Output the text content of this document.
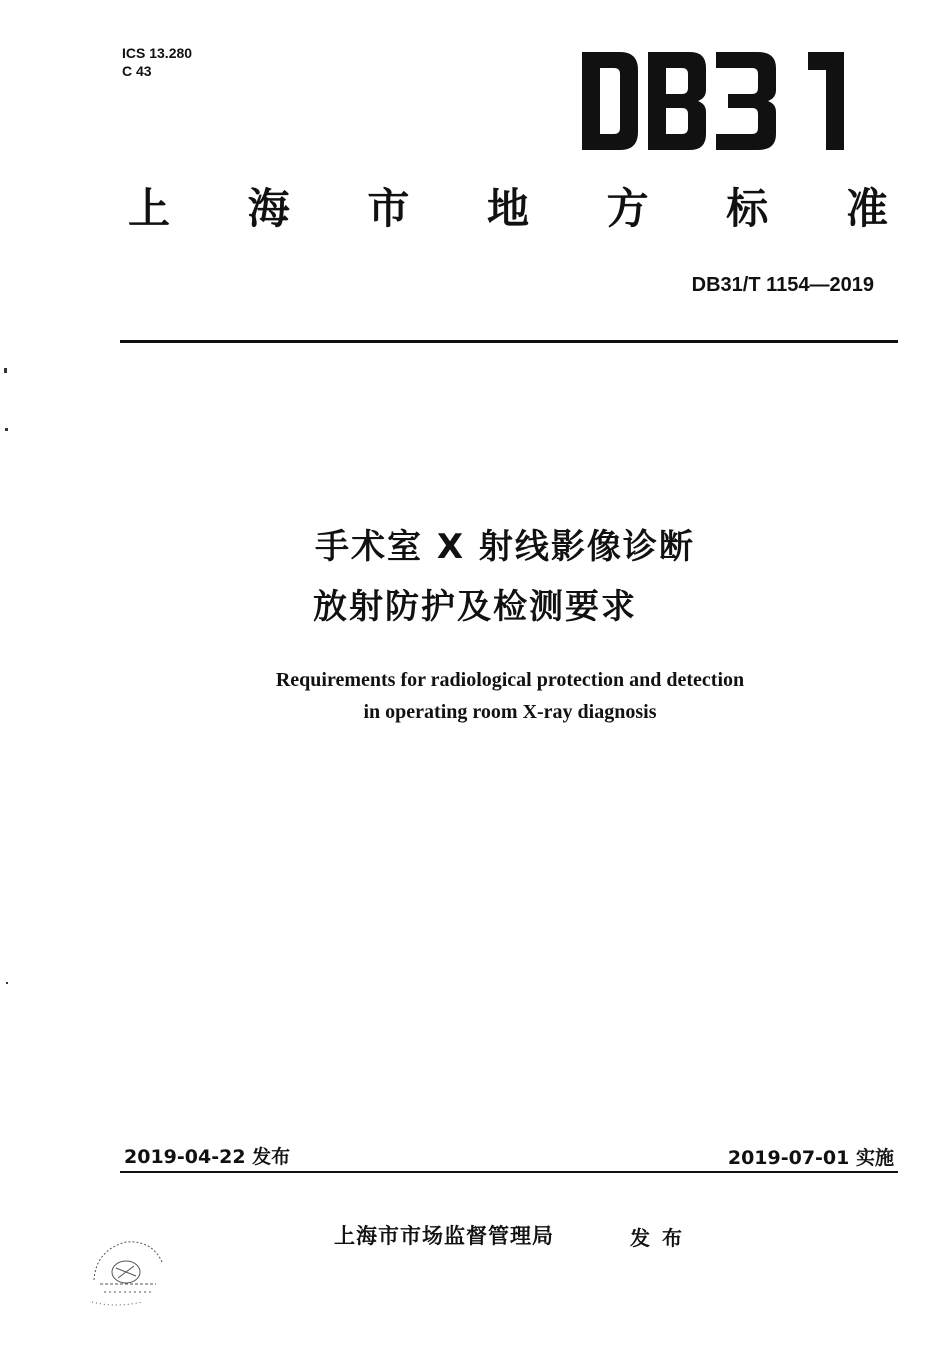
ICS 13.280
C 43
上 海 市 地 方 标 准
DB31/T 1154—2019
手术室 X 射线影像诊断
放射防护及检测要求
Requirements for radiological protection and detection
in operating room X-ray diagnosis
2019-04-22 发布	2019-07-01 实施
上海市市场监督管理局	发布
